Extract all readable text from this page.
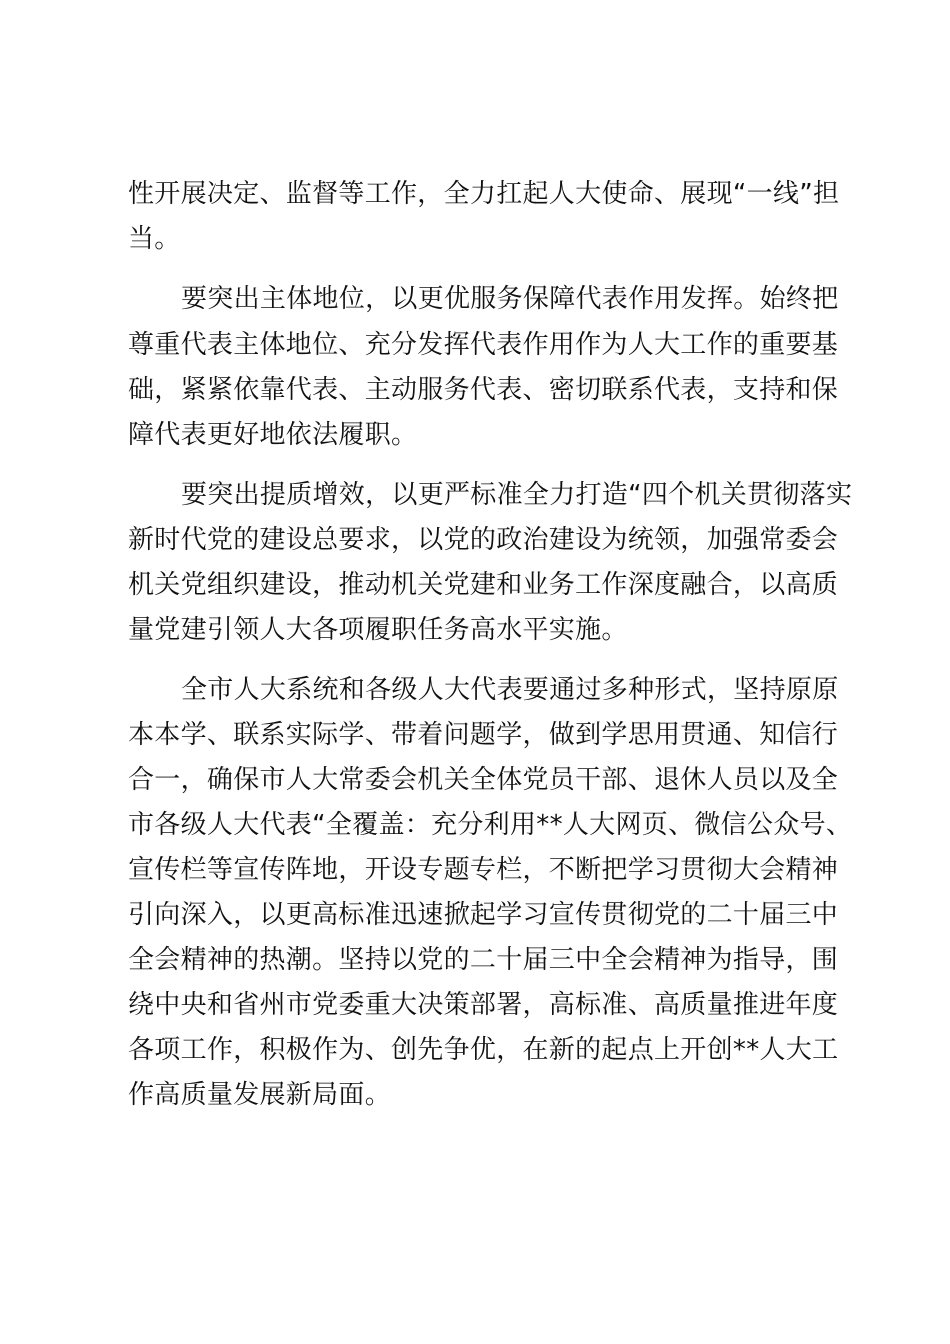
性开展决定、监督等工作，全力扛起人大使命、展现“一线”担
当。
要突出主体地位，以更优服务保障代表作用发挥。始终把
尊重代表主体地位、充分发挥代表作用作为人大工作的重要基
础，紧紧依靠代表、主动服务代表、密切联系代表，支持和保
障代表更好地依法履职。
要突出提质增效，以更严标准全力打造“四个机关贯彻落实
新时代党的建设总要求，以党的政治建设为统领，加强常委会
机关党组织建设，推动机关党建和业务工作深度融合，以高质
量党建引领人大各项履职任务高水平实施。
全市人大系统和各级人大代表要通过多种形式，坚持原原
本本学、联系实际学、带着问题学，做到学思用贯通、知信行
合一，确保市人大常委会机关全体党员干部、退休人员以及全
市各级人大代表“全覆盖：充分利用**人大网页、微信公众号、
宣传栏等宣传阵地，开设专题专栏，不断把学习贯彻大会精神
引向深入，以更高标准迅速掀起学习宣传贯彻党的二十届三中
全会精神的热潮。坚持以党的二十届三中全会精神为指导，围
绕中央和省州市党委重大决策部署，高标准、高质量推进年度
各项工作，积极作为、创先争优，在新的起点上开创**人大工
作高质量发展新局面。
